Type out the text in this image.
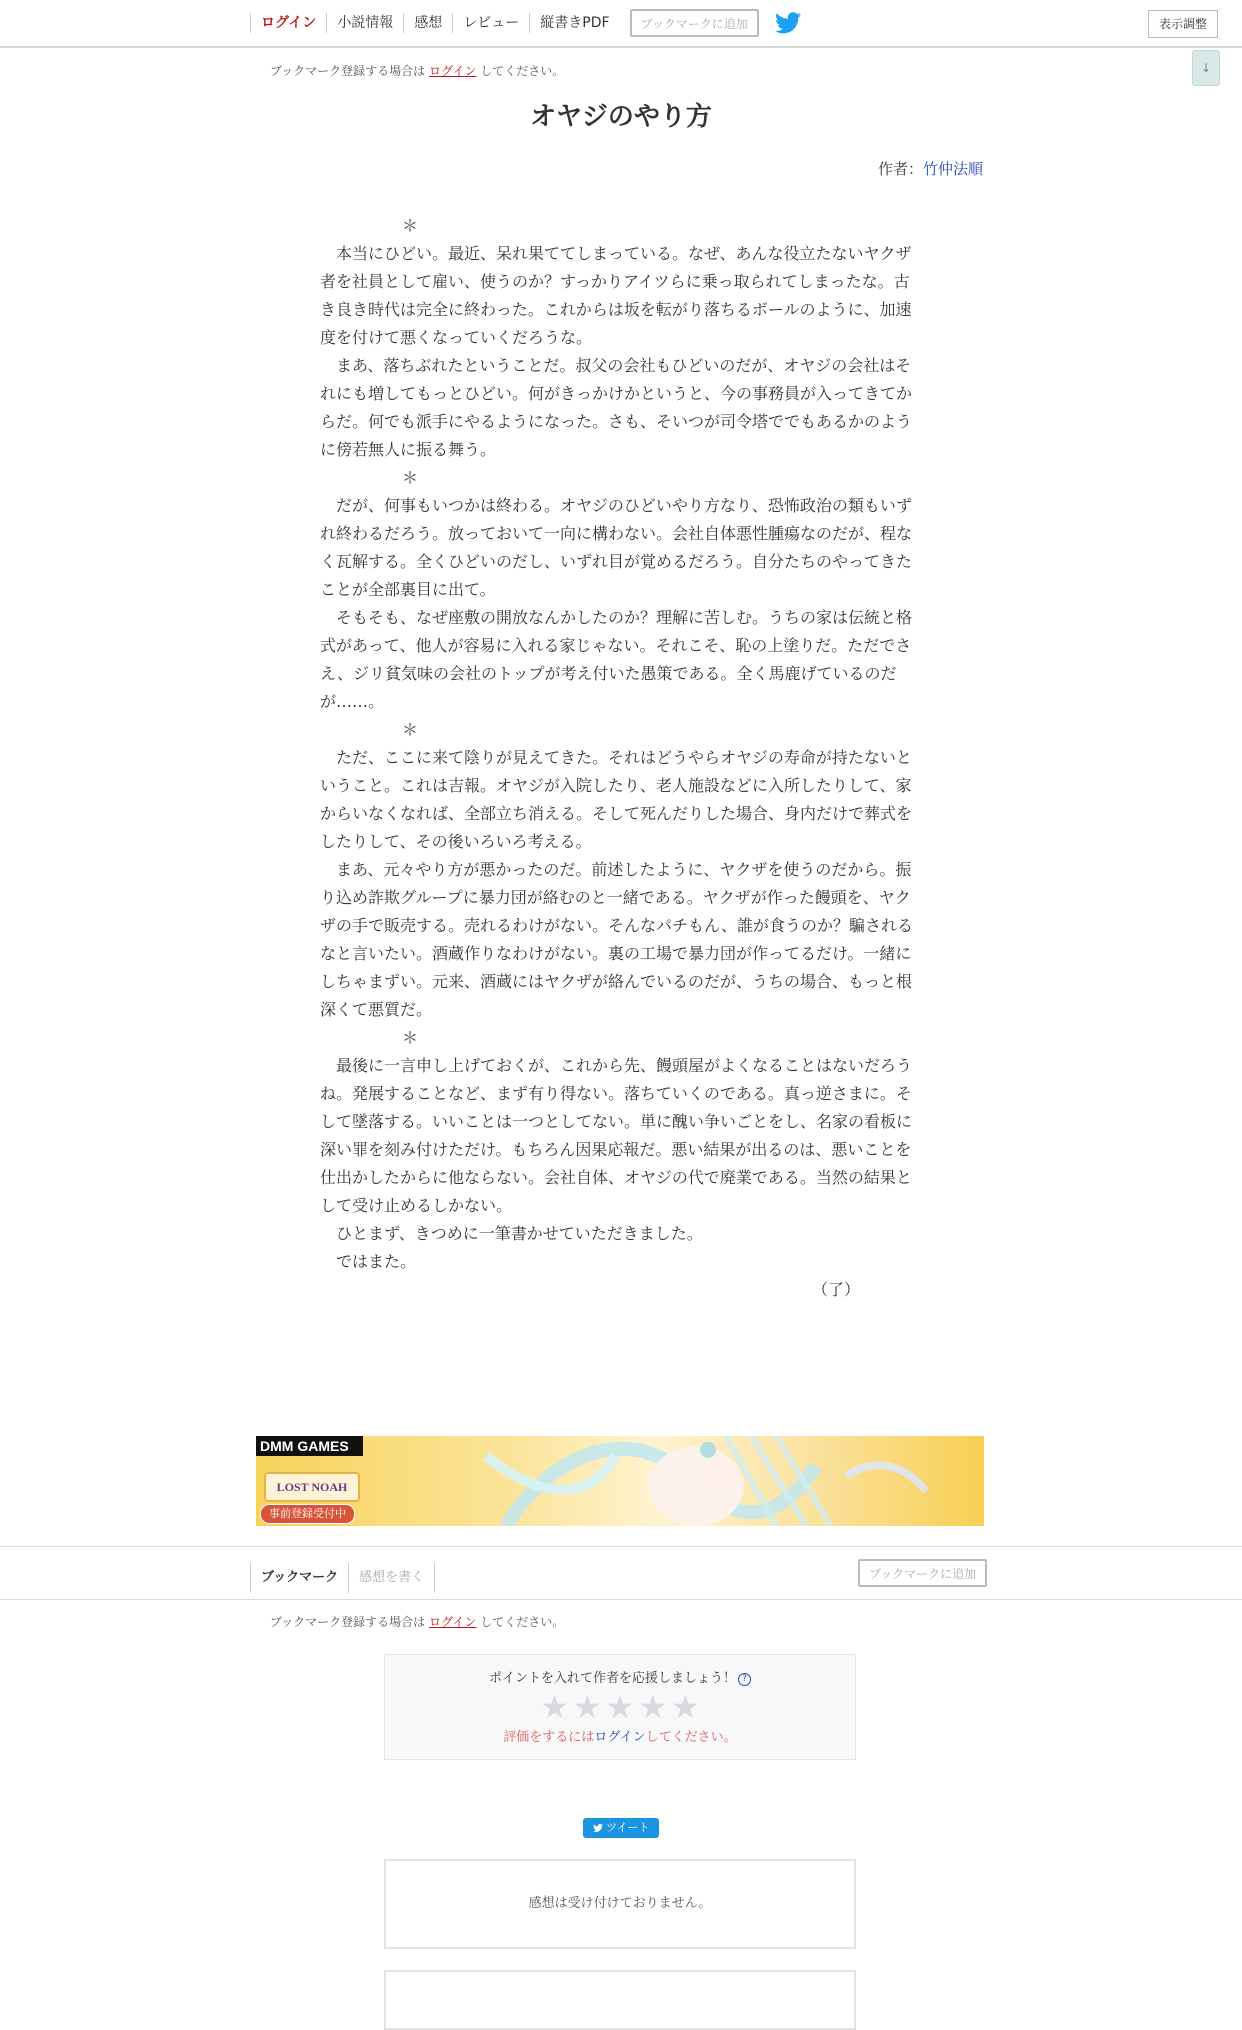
ログイン	小説情報	感想	レビュー	縦書きPDF	ブックマークに追加	表示調整
↓
ブックマーク登録する場合は ログイン してください。
オヤジのやり方
作者：竹仲法順

＊

　本当にひどい。最近、呆れ果ててしまっている。なぜ、あんな役立たないヤクザ者を社員として雇い、使うのか？すっかりアイツらに乗っ取られてしまったな。古き良き時代は完全に終わった。これからは坂を転がり落ちるボールのように、加速度を付けて悪くなっていくだろうな。

　まあ、落ちぶれたということだ。叔父の会社もひどいのだが、オヤジの会社はそれにも増してもっとひどい。何がきっかけかというと、今の事務員が入ってきてからだ。何でも派手にやるようになった。さも、そいつが司令塔ででもあるかのように傍若無人に振る舞う。

＊

　だが、何事もいつかは終わる。オヤジのひどいやり方なり、恐怖政治の類もいずれ終わるだろう。放っておいて一向に構わない。会社自体悪性腫瘍なのだが、程なく瓦解する。全くひどいのだし、いずれ目が覚めるだろう。自分たちのやってきたことが全部裏目に出て。

　そもそも、なぜ座敷の開放なんかしたのか？理解に苦しむ。うちの家は伝統と格式があって、他人が容易に入れる家じゃない。それこそ、恥の上塗りだ。ただでさえ、ジリ貧気味の会社のトップが考え付いた愚策である。全く馬鹿げているのだが……。

＊

　ただ、ここに来て陰りが見えてきた。それはどうやらオヤジの寿命が持たないということ。これは吉報。オヤジが入院したり、老人施設などに入所したりして、家からいなくなれば、全部立ち消える。そして死んだりした場合、身内だけで葬式をしたりして、その後いろいろ考える。

　まあ、元々やり方が悪かったのだ。前述したように、ヤクザを使うのだから。振り込め詐欺グループに暴力団が絡むのと一緒である。ヤクザが作った饅頭を、ヤクザの手で販売する。売れるわけがない。そんなパチもん、誰が食うのか？騙されるなと言いたい。酒蔵作りなわけがない。裏の工場で暴力団が作ってるだけ。一緒にしちゃまずい。元来、酒蔵にはヤクザが絡んでいるのだが、うちの場合、もっと根深くて悪質だ。

＊

　最後に一言申し上げておくが、これから先、饅頭屋がよくなることはないだろうね。発展することなど、まず有り得ない。落ちていくのである。真っ逆さまに。そして墜落する。いいことは一つとしてない。単に醜い争いごとをし、名家の看板に深い罪を刻み付けただけ。もちろん因果応報だ。悪い結果が出るのは、悪いことを仕出かしたからに他ならない。会社自体、オヤジの代で廃業である。当然の結果として受け止めるしかない。

　ひとまず、きつめに一筆書かせていただきました。

　ではまた。

（了）

DMM GAMES
LOST NOAH
事前登録受付中
ブックマーク	感想を書く	ブックマークに追加
ブックマーク登録する場合は ログイン してください。
ポイントを入れて作者を応援しましょう！ ?
★ ★ ★ ★ ★
評価をするにはログインしてください。
ツイート
感想は受け付けておりません。
